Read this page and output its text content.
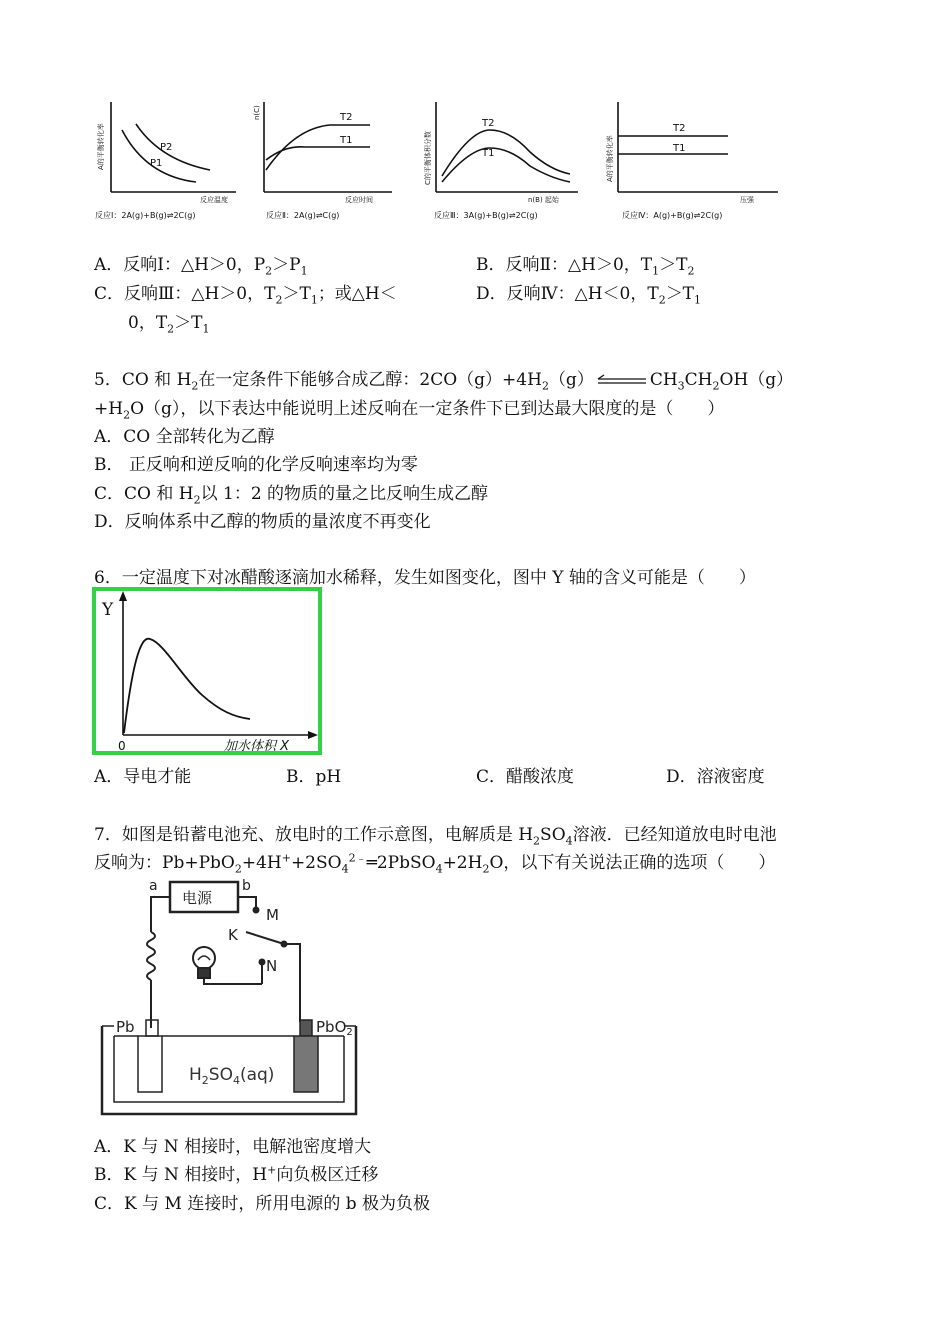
P2
P1
反应温度
A的平衡转化率
反应Ⅰ：2A(g)+B(g)⇌2C(g)
T2
T1
反应时间
n(C)
反应Ⅱ：2A(g)⇌C(g)
T2
T1
n(B) 起始
C的平衡体积分数
反应Ⅲ：3A(g)+B(g)⇌2C(g)
T2
T1
压强
A的平衡转化率
反应Ⅳ：A(g)+B(g)⇌2C(g)
A．反响Ⅰ：△H＞0，$P_2>P_1$	B．反响Ⅱ：△H＞0，$T_1>T_2$
C．反响Ⅲ：△H＞0，$T_2>T_1$；或△H＜
0，$T_2>T_1$
D．反响Ⅳ：△H＜0，$T_2>T_1$
5．CO 和 $H_2$在一定条件下能够合成乙醇：$2CO(g)+4H_2(g)$	$CH_3CH_2OH(g)$
$+H_2O(g)$，以下表达中能说明上述反响在一定条件下已到达最大限度的是（　　）
A．CO 全部转化为乙醇
B． 正反响和逆反响的化学反响速率均为零
C．CO 和 $H_2$以 1：2 的物质的量之比反响生成乙醇
D．反响体系中乙醇的物质的量浓度不再变化
6．一定温度下对冰醋酸逐滴加水稀释，发生如图变化，图中 Y 轴的含义可能是（　　）
Y
0	加水体积 X
A．导电才能	B．pH	C．醋酸浓度	D．溶液密度
7．如图是铅蓄电池充、放电时的工作示意图，电解质是 $H_2SO_4$溶液．已经知道放电时电池
反响为：$Pb+PbO_2+4H^++2SO_4^{2﹣}═2PbSO_4+2H_2O$，以下有关说法正确的选项（　　）
电源
a	b
M
K
N
Pb	PbO$_2$
$H_2SO_4(aq)$
A．K 与 N 相接时，电解池密度增大
B．K 与 N 相接时，H+向负极区迁移
C．K 与 M 连接时，所用电源的 b 极为负极
